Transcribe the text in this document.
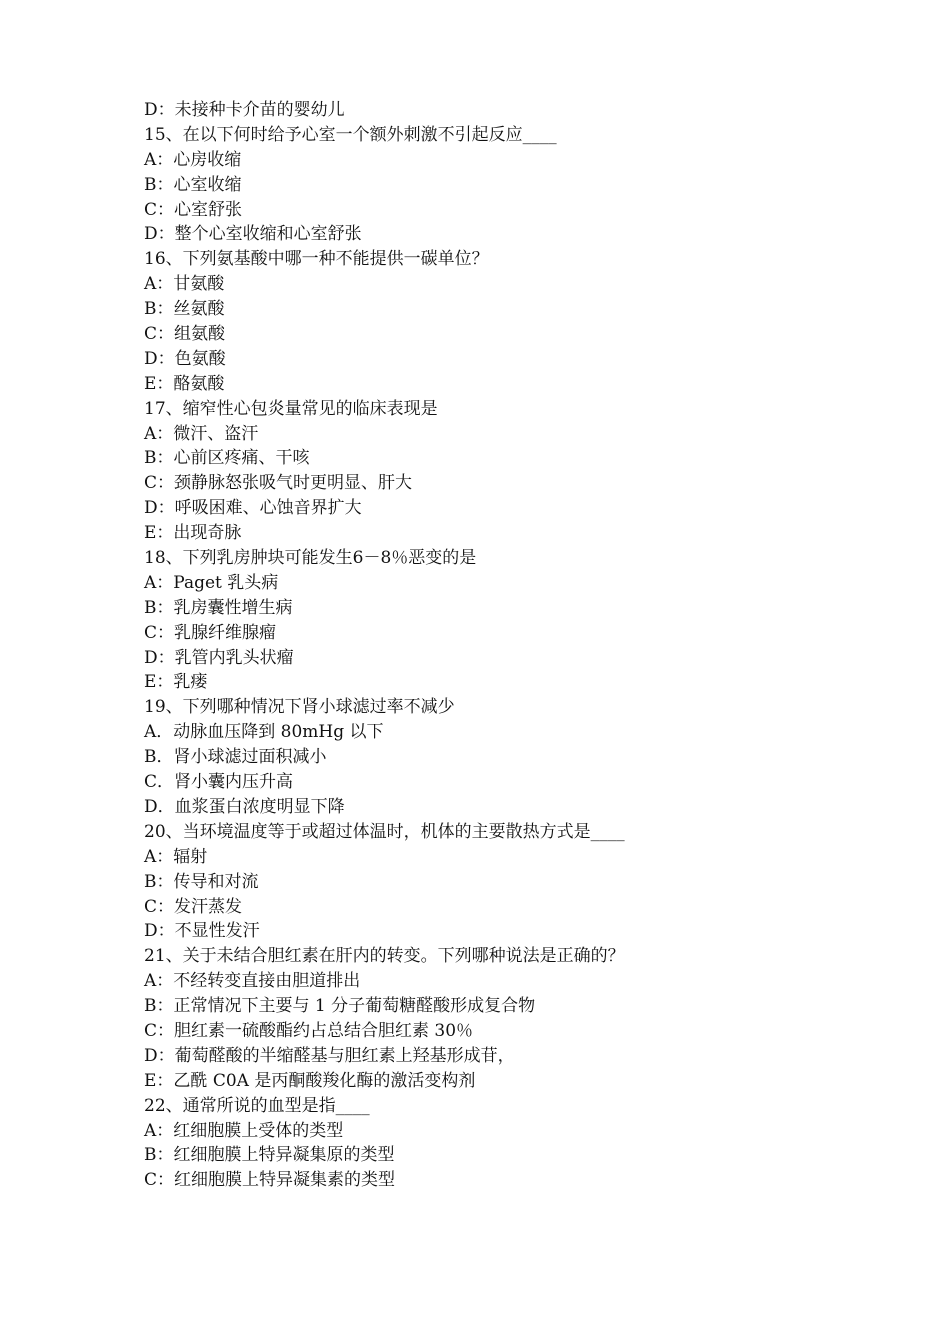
D：未接种卡介苗的婴幼儿
15、在以下何时给予心室一个额外刺激不引起反应____
A：心房收缩
B：心室收缩
C：心室舒张
D：整个心室收缩和心室舒张
16、下列氨基酸中哪一种不能提供一碳单位？
A：甘氨酸
B：丝氨酸
C：组氨酸
D：色氨酸
E：酪氨酸
17、缩窄性心包炎量常见的临床表现是
A：微汗、盗汗
B：心前区疼痛、干咳
C：颈静脉怒张吸气时更明显、肝大
D：呼吸困难、心蚀音界扩大
E：出现奇脉
18、下列乳房肿块可能发生6－8％恶变的是
A：Paget 乳头病
B：乳房囊性增生病
C：乳腺纤维腺瘤
D：乳管内乳头状瘤
E：乳瘘
19、下列哪种情况下肾小球滤过率不减少
A．动脉血压降到 80mHg 以下
B．肾小球滤过面积减小
C．肾小囊内压升高
D．血浆蛋白浓度明显下降
20、当环境温度等于或超过体温时，机体的主要散热方式是____
A：辐射
B：传导和对流
C：发汗蒸发
D：不显性发汗
21、关于未结合胆红素在肝内的转变。下列哪种说法是正确的？
A：不经转变直接由胆道排出
B：正常情况下主要与 1 分子葡萄糖醛酸形成复合物
C：胆红素一硫酸酯约占总结合胆红素 30％
D：葡萄醛酸的半缩醛基与胆红素上羟基形成苷，
E：乙酰 C0A 是丙酮酸羧化酶的激活变构剂
22、通常所说的血型是指____
A：红细胞膜上受体的类型
B：红细胞膜上特异凝集原的类型
C：红细胞膜上特异凝集素的类型
